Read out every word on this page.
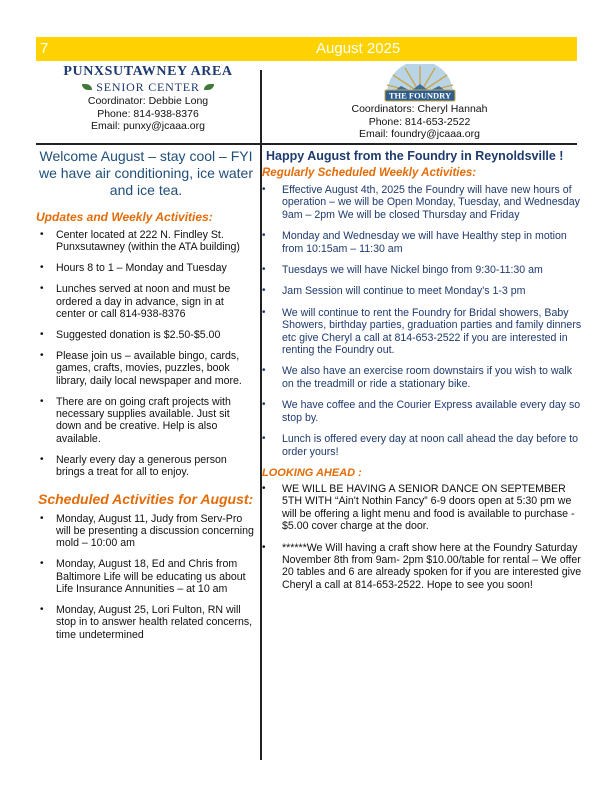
7	August 2025
PUNXSUTAWNEY AREA
SENIOR CENTER
Coordinator: Debbie Long
Phone: 814-938-8376
Email: punxy@jcaaa.org
THE FOUNDRY
Coordinators: Cheryl Hannah
Phone: 814-653-2522
Email: foundry@jcaaa.org

Welcome August – stay cool – FYI we have air conditioning, ice water and ice tea.

Updates and Weekly Activities:
• Center located at 222 N. Findley St. Punxsutawney (within the ATA building)
• Hours 8 to 1 – Monday and Tuesday
• Lunches served at noon and must be ordered a day in advance, sign in at center or call 814-938-8376
• Suggested donation is $2.50-$5.00
• Please join us – available bingo, cards, games, crafts, movies, puzzles, book library, daily local newspaper and more.
• There are on going craft projects with necessary supplies available. Just sit down and be creative. Help is also available.
• Nearly every day a generous person brings a treat for all to enjoy.
Scheduled Activities for August:
• Monday, August 11, Judy from Serv-Pro will be presenting a discussion concerning mold – 10:00 am
• Monday, August 18, Ed and Chris from Baltimore Life will be educating us about Life Insurance Annunities – at 10 am
• Monday, August 25, Lori Fulton, RN will stop in to answer health related concerns, time undetermined
Happy August from the Foundry in Reynoldsville !
Regularly Scheduled Weekly Activities:
• Effective August 4th, 2025 the Foundry will have new hours of operation – we will be Open Monday, Tuesday, and Wednesday 9am – 2pm We will be closed Thursday and Friday
• Monday and Wednesday we will have Healthy step in motion from 10:15am – 11:30 am
• Tuesdays we will have Nickel bingo from 9:30-11:30 am
• Jam Session will continue to meet Monday's 1-3 pm
• We will continue to rent the Foundry for Bridal showers, Baby Showers, birthday parties, graduation parties and family dinners etc give Cheryl a call at 814-653-2522 if you are interested in renting the Foundry out.
• We also have an exercise room downstairs if you wish to walk on the treadmill or ride a stationary bike.
• We have coffee and the Courier Express available every day so stop by.
• Lunch is offered every day at noon call ahead the day before to order yours!
LOOKING AHEAD :
• WE WILL BE HAVING A SENIOR DANCE ON SEPTEMBER 5TH WITH “Ain't Nothin Fancy” 6-9 doors open at 5:30 pm we will be offering a light menu and food is available to purchase - $5.00 cover charge at the door.
• ******We Will having a craft show here at the Foundry Saturday November 8th from 9am- 2pm $10.00/table for rental – We offer 20 tables and 6 are already spoken for if you are interested give Cheryl a call at 814-653-2522. Hope to see you soon!
